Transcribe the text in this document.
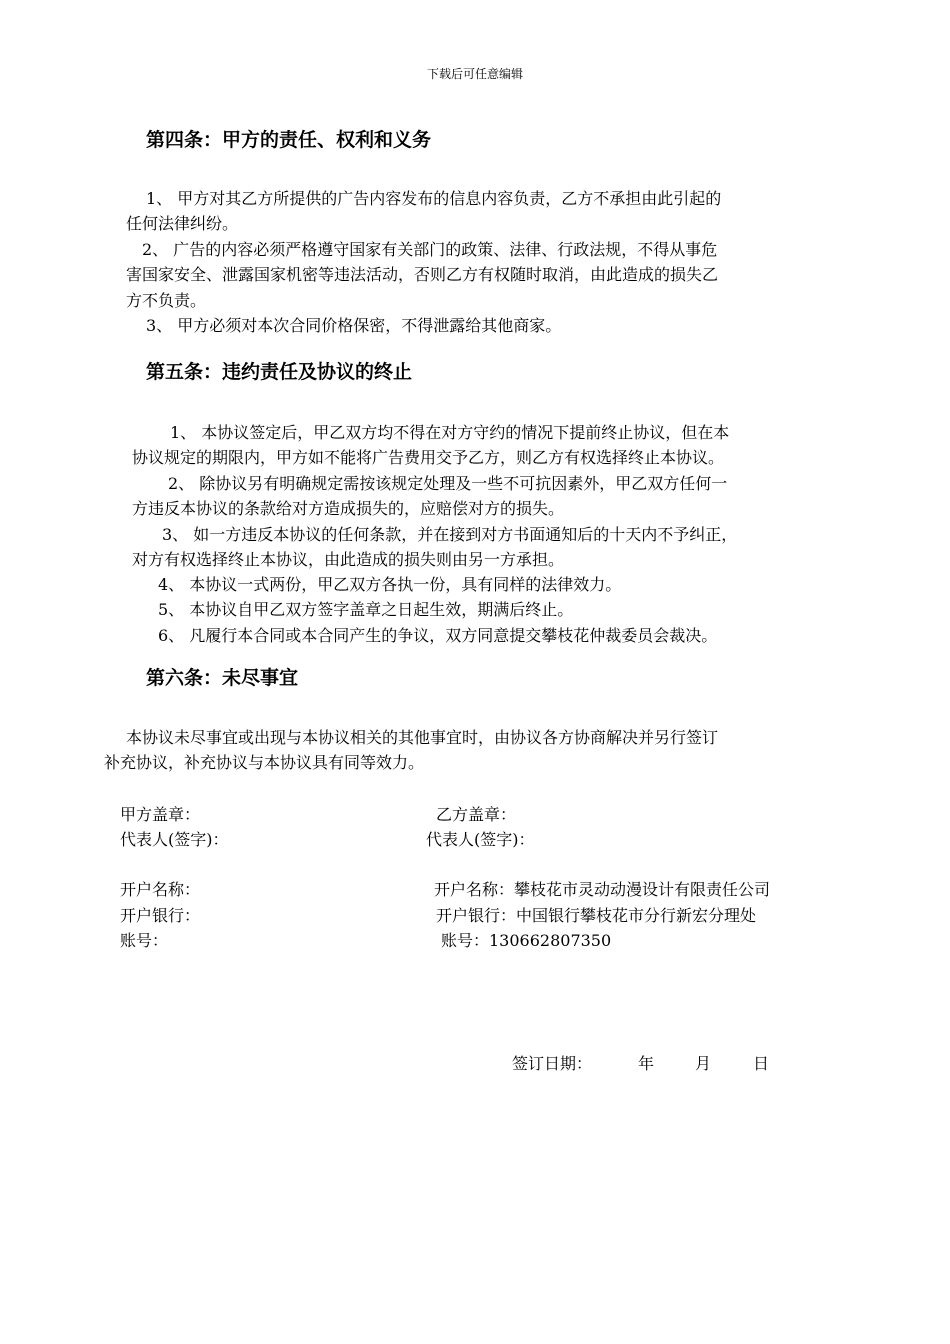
下载后可任意编辑
第四条：甲方的责任、权利和义务
1、 甲方对其乙方所提供的广告内容发布的信息内容负责，乙方不承担由此引起的
任何法律纠纷。
2、 广告的内容必须严格遵守国家有关部门的政策、法律、行政法规，不得从事危
害国家安全、泄露国家机密等违法活动，否则乙方有权随时取消，由此造成的损失乙
方不负责。
3、 甲方必须对本次合同价格保密，不得泄露给其他商家。
第五条：违约责任及协议的终止
1、 本协议签定后，甲乙双方均不得在对方守约的情况下提前终止协议，但在本
协议规定的期限内，甲方如不能将广告费用交予乙方，则乙方有权选择终止本协议。
2、 除协议另有明确规定需按该规定处理及一些不可抗因素外，甲乙双方任何一
方违反本协议的条款给对方造成损失的，应赔偿对方的损失。
3、 如一方违反本协议的任何条款，并在接到对方书面通知后的十天内不予纠正，
对方有权选择终止本协议，由此造成的损失则由另一方承担。
4、 本协议一式两份，甲乙双方各执一份，具有同样的法律效力。
5、 本协议自甲乙双方签字盖章之日起生效，期满后终止。
6、 凡履行本合同或本合同产生的争议，双方同意提交攀枝花仲裁委员会裁决。
第六条：未尽事宜
本协议未尽事宜或出现与本协议相关的其他事宜时，由协议各方协商解决并另行签订
补充协议，补充协议与本协议具有同等效力。
甲方盖章：	乙方盖章：
代表人(签字)：	代表人(签字)：
开户名称：	开户名称：攀枝花市灵动动漫设计有限责任公司
开户银行：	开户银行：中国银行攀枝花市分行新宏分理处
账号：	账号：130662807350
签订日期：	年	月	日
